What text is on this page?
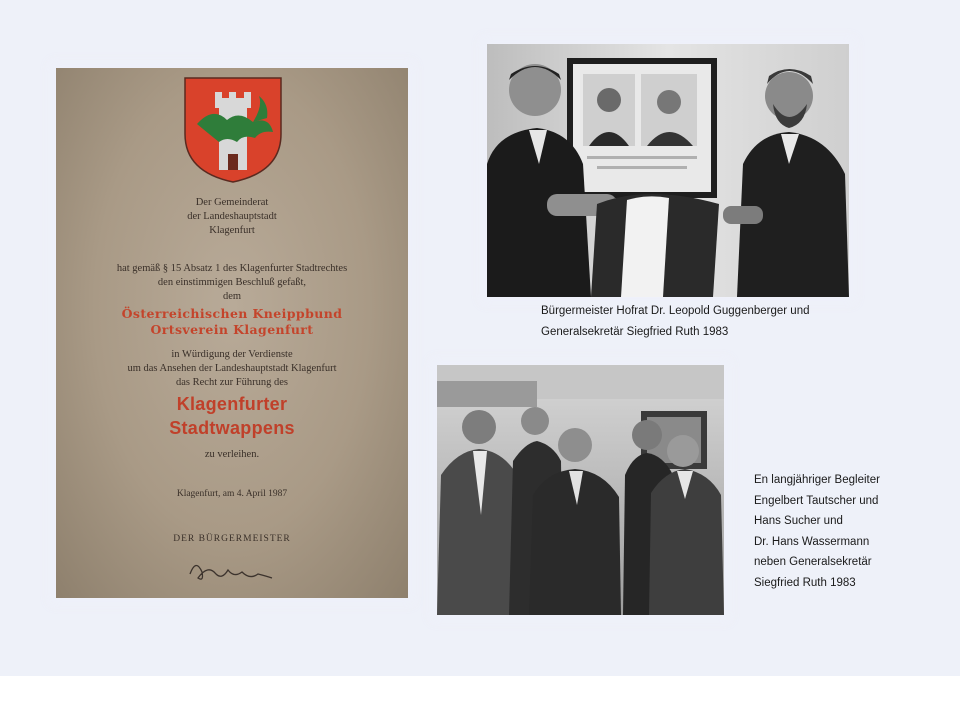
Der Gemeinderat
der Landeshauptstadt
Klagenfurt
hat gemäß § 15 Absatz 1 des Klagenfurter Stadtrechtes
den einstimmigen Beschluß gefaßt,
dem
Österreichischen Kneippbund
Ortsverein Klagenfurt
in Würdigung der Verdienste
um das Ansehen der Landeshauptstadt Klagenfurt
das Recht zur Führung des
Klagenfurter
Stadtwappens
zu verleihen.
Klagenfurt, am 4. April 1987
DER BÜRGERMEISTER

Bürgermeister Hofrat Dr. Leopold Guggenberger und
Generalsekretär Siegfried Ruth 1983

En langjähriger Begleiter
Engelbert Tautscher und
Hans Sucher und
Dr. Hans Wassermann
neben Generalsekretär
Siegfried Ruth 1983
